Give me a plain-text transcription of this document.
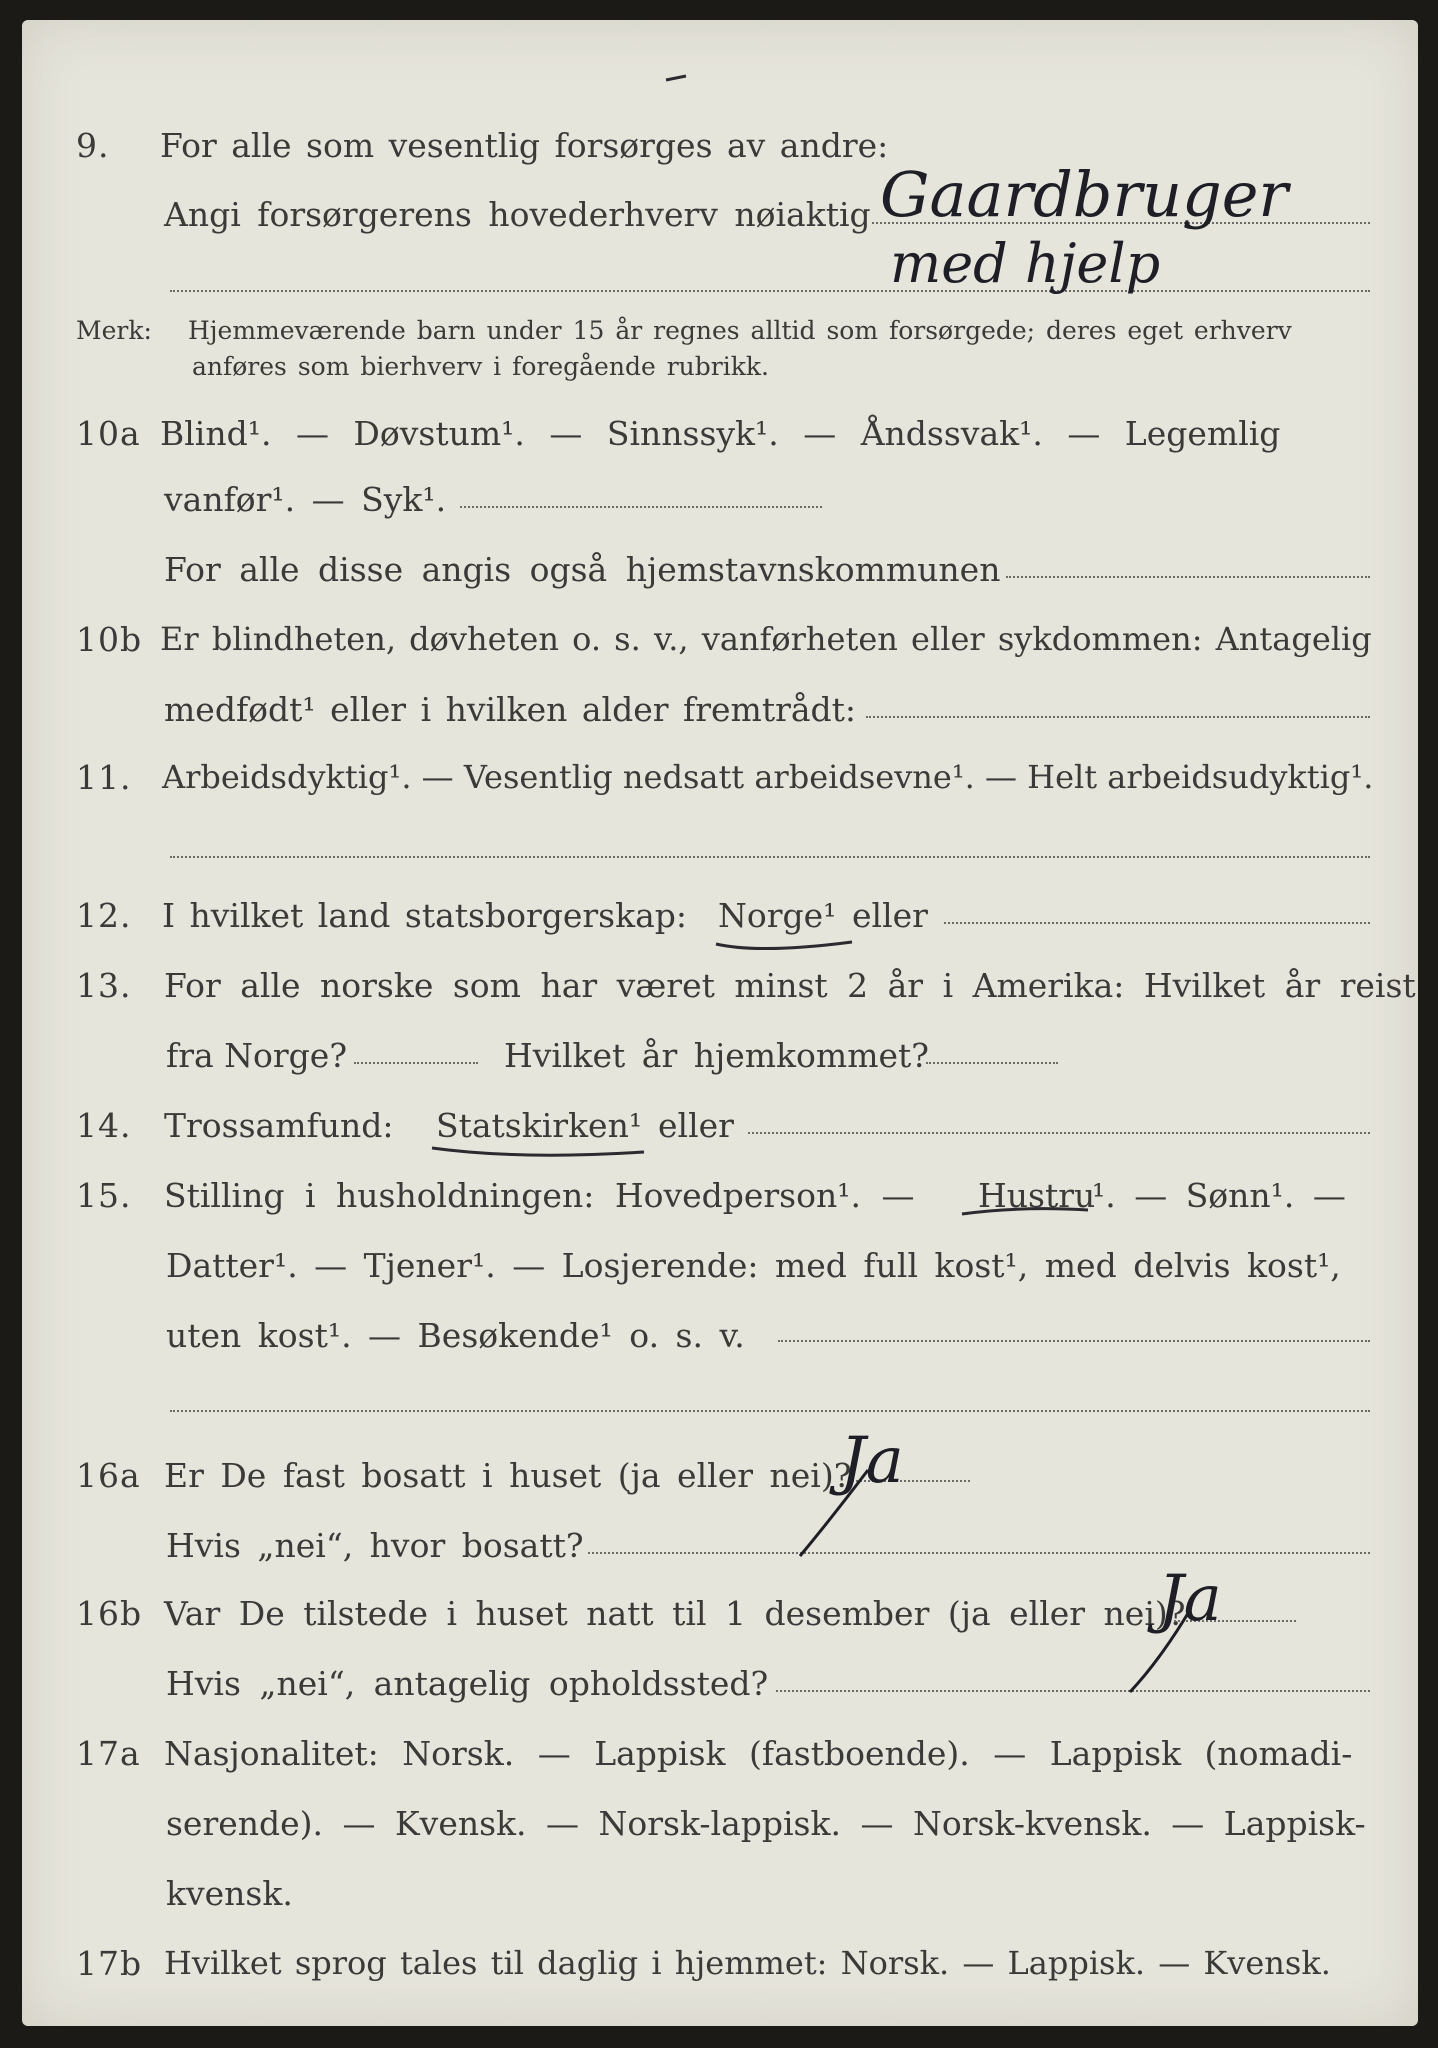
9. For alle som vesentlig forsørges av andre:
Angi forsørgerens hovederhverv nøiaktig Gaardbruger
med hjelp
Merk: Hjemmeværende barn under 15 år regnes alltid som forsørgede; deres eget erhverv
anføres som bierhverv i foregående rubrikk.
10a Blind¹. — Døvstum¹. — Sinnssyk¹. — Åndssvak¹. — Legemlig
vanfør¹. — Syk¹.
For alle disse angis også hjemstavnskommunen
10b Er blindheten, døvheten o. s. v., vanførheten eller sykdommen: Antagelig
medfødt¹ eller i hvilken alder fremtrådt:
11. Arbeidsdyktig¹. — Vesentlig nedsatt arbeidsevne¹. — Helt arbeidsudyktig¹.
12. I hvilket land statsborgerskap: Norge¹ eller
13. For alle norske som har været minst 2 år i Amerika: Hvilket år reist
fra Norge?	Hvilket år hjemkommet?
14. Trossamfund: Statskirken¹ eller
15. Stilling i husholdningen: Hovedperson¹. — Hustru
¹. — Sønn¹. —
Datter¹. — Tjener¹. — Losjerende: med full kost¹, med delvis kost¹,
uten kost¹. — Besøkende¹ o. s. v.
16a Er De fast bosatt i huset (ja eller nei)?
Ja
Hvis „nei“, hvor bosatt?
16b Var De tilstede i huset natt til 1 desember (ja eller nei)?
Ja
Hvis „nei“, antagelig opholdssted?
17a Nasjonalitet: Norsk. — Lappisk (fastboende). — Lappisk (nomadi-
serende). — Kvensk. — Norsk-lappisk. — Norsk-kvensk. — Lappisk-
kvensk.
17b Hvilket sprog tales til daglig i hjemmet: Norsk. — Lappisk. — Kvensk.
